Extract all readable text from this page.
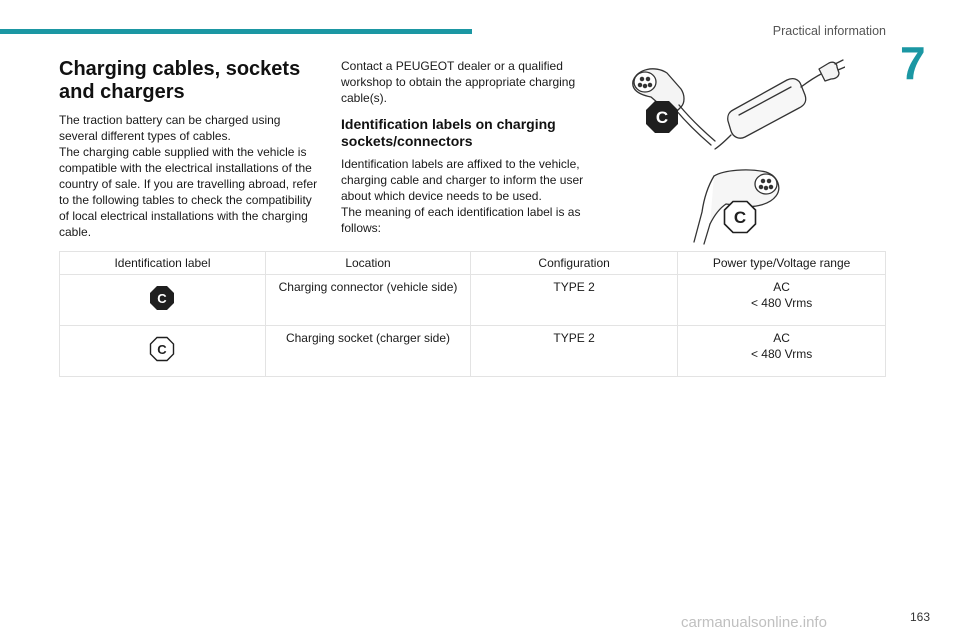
Practical information
7
Charging cables, sockets and chargers

The traction battery can be charged using several different types of cables.

The charging cable supplied with the vehicle is compatible with the electrical installations of the country of sale. If you are travelling abroad, refer to the following tables to check the compatibility of local electrical installations with the charging cable.

Contact a PEUGEOT dealer or a qualified workshop to obtain the appropriate charging cable(s).

Identification labels on charging sockets/connectors

Identification labels are affixed to the vehicle, charging cable and charger to inform the user about which device needs to be used.

The meaning of each identification label is as follows:

C
C
Identification label	Location	Configuration	Power type/Voltage range

C	Charging connector (vehicle side)	TYPE 2	AC
< 480 Vrms

C	Charging socket (charger side)	TYPE 2	AC
< 480 Vrms
163
carmanualsonline.info
